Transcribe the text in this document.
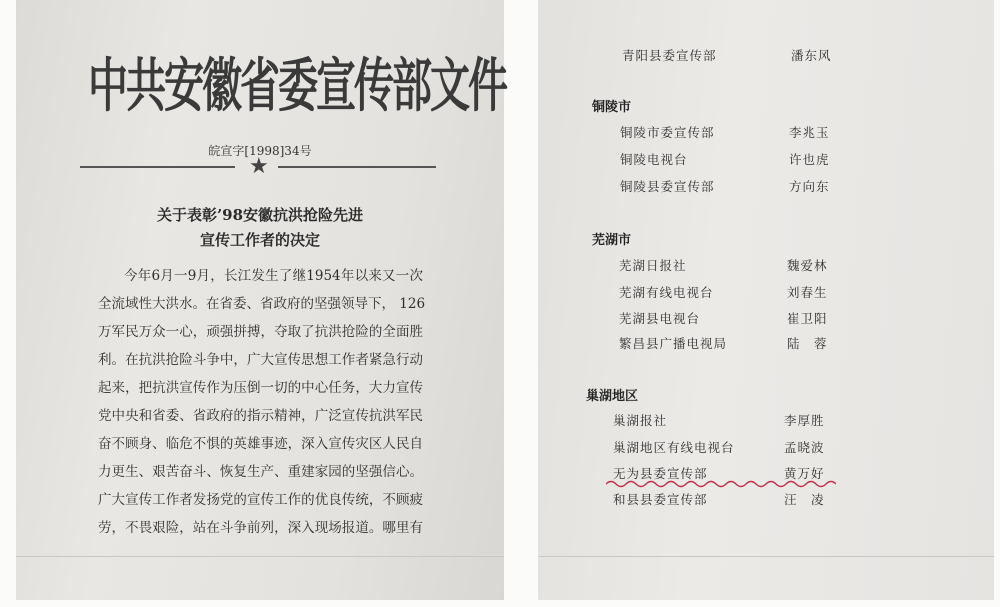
中共安徽省委宣传部文件
皖宣字[1998]34号
★
关于表彰’98安徽抗洪抢险先进
宣传工作者的决定
今年6月一9月，长江发生了继1954年以来又一次
全流域性大洪水。在省委、省政府的坚强领导下， 126
万军民万众一心，顽强拼搏，夺取了抗洪抢险的全面胜
利。在抗洪抢险斗争中，广大宣传思想工作者紧急行动
起来，把抗洪宣传作为压倒一切的中心任务，大力宣传
党中央和省委、省政府的指示精神，广泛宣传抗洪军民
奋不顾身、临危不惧的英雄事迹，深入宣传灾区人民自
力更生、艰苦奋斗、恢复生产、重建家园的坚强信心。
广大宣传工作者发扬党的宣传工作的优良传统，不顾疲
劳，不畏艰险，站在斗争前列，深入现场报道。哪里有
青阳县委宣传部	潘东风
铜陵市
铜陵市委宣传部	李兆玉
铜陵电视台	许也虎
铜陵县委宣传部	方向东
芜湖市
芜湖日报社	魏爱林
芜湖有线电视台	刘春生
芜湖县电视台	崔卫阳
繁昌县广播电视局	陆　蓉
巢湖地区
巢湖报社	李厚胜
巢湖地区有线电视台	孟晓波
无为县委宣传部	黄万好
和县县委宣传部	汪　凌
